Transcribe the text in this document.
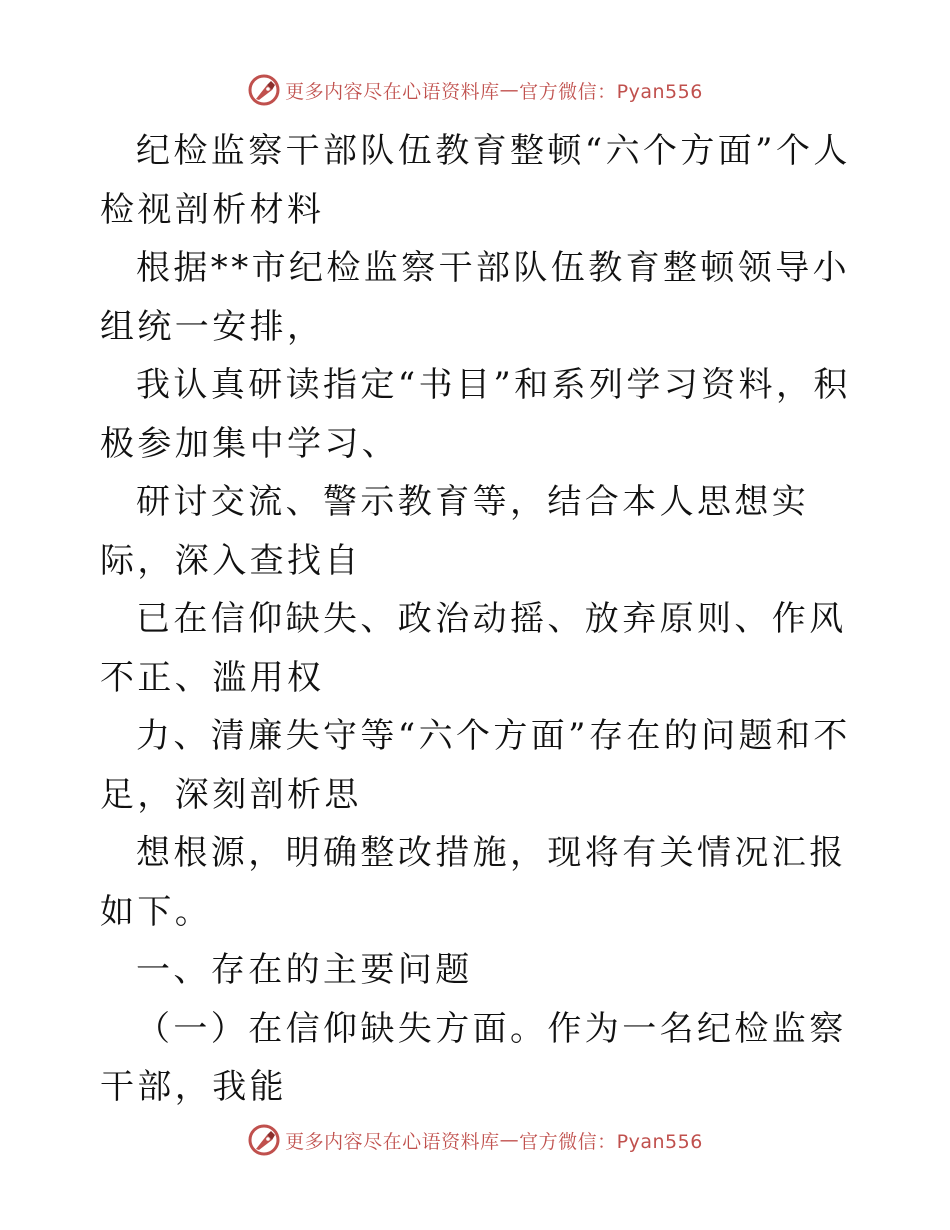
更多内容尽在心语资料库 — 官方微信：Pyan556

纪检监察干部队伍教育整顿“六个方面”个人检视剖析材料

根据**市纪检监察干部队伍教育整顿领导小组统一安排，

我认真研读指定“书目”和系列学习资料，积极参加集中学习、

研讨交流、警示教育等，结合本人思想实际，深入查找自

已在信仰缺失、政治动摇、放弃原则、作风不正、滥用权

力、清廉失守等“六个方面”存在的问题和不足，深刻剖析思

想根源，明确整改措施，现将有关情况汇报如下。

一、存在的主要问题

（一）在信仰缺失方面。作为一名纪检监察干部，我能

更多内容尽在心语资料库 — 官方微信：Pyan556
